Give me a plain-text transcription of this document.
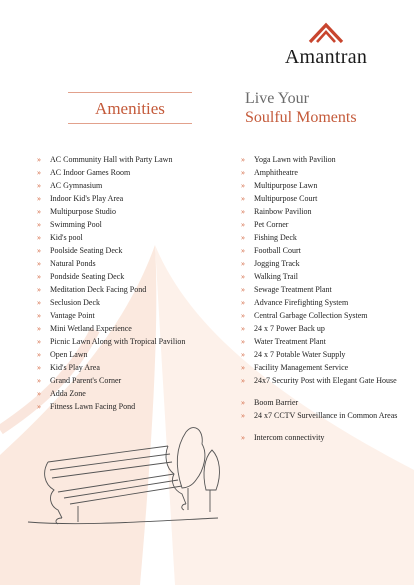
Amantran
Amenities
Live Your
Soulful Moments
» AC Community Hall with Party Lawn
» AC Indoor Games Room
» AC Gymnasium
» Indoor Kid's Play Area
» Multipurpose Studio
» Swimming Pool
» Kid's pool
» Poolside Seating Deck
» Natural Ponds
» Pondside Seating Deck
» Meditation Deck Facing Pond
» Seclusion Deck
» Vantage Point
» Mini Wetland Experience
» Picnic Lawn Along with Tropical Pavilion
» Open Lawn
» Kid's Play Area
» Grand Parent's Corner
» Adda Zone
» Fitness Lawn Facing Pond
» Yoga Lawn with Pavilion
» Amphitheatre
» Multipurpose Lawn
» Multipurpose Court
» Rainbow Pavilion
» Pet Corner
» Fishing Deck
» Football Court
» Jogging Track
» Walking Trail
» Sewage Treatment Plant
» Advance Firefighting System
» Central Garbage Collection System
» 24 x 7 Power Back up
» Water Treatment Plant
» 24 x 7 Potable Water Supply
» Facility Management Service
» 24x7 Security Post with Elegant Gate House
» Boom Barrier
» 24 x7 CCTV Surveillance in Common Areas
» Intercom connectivity
